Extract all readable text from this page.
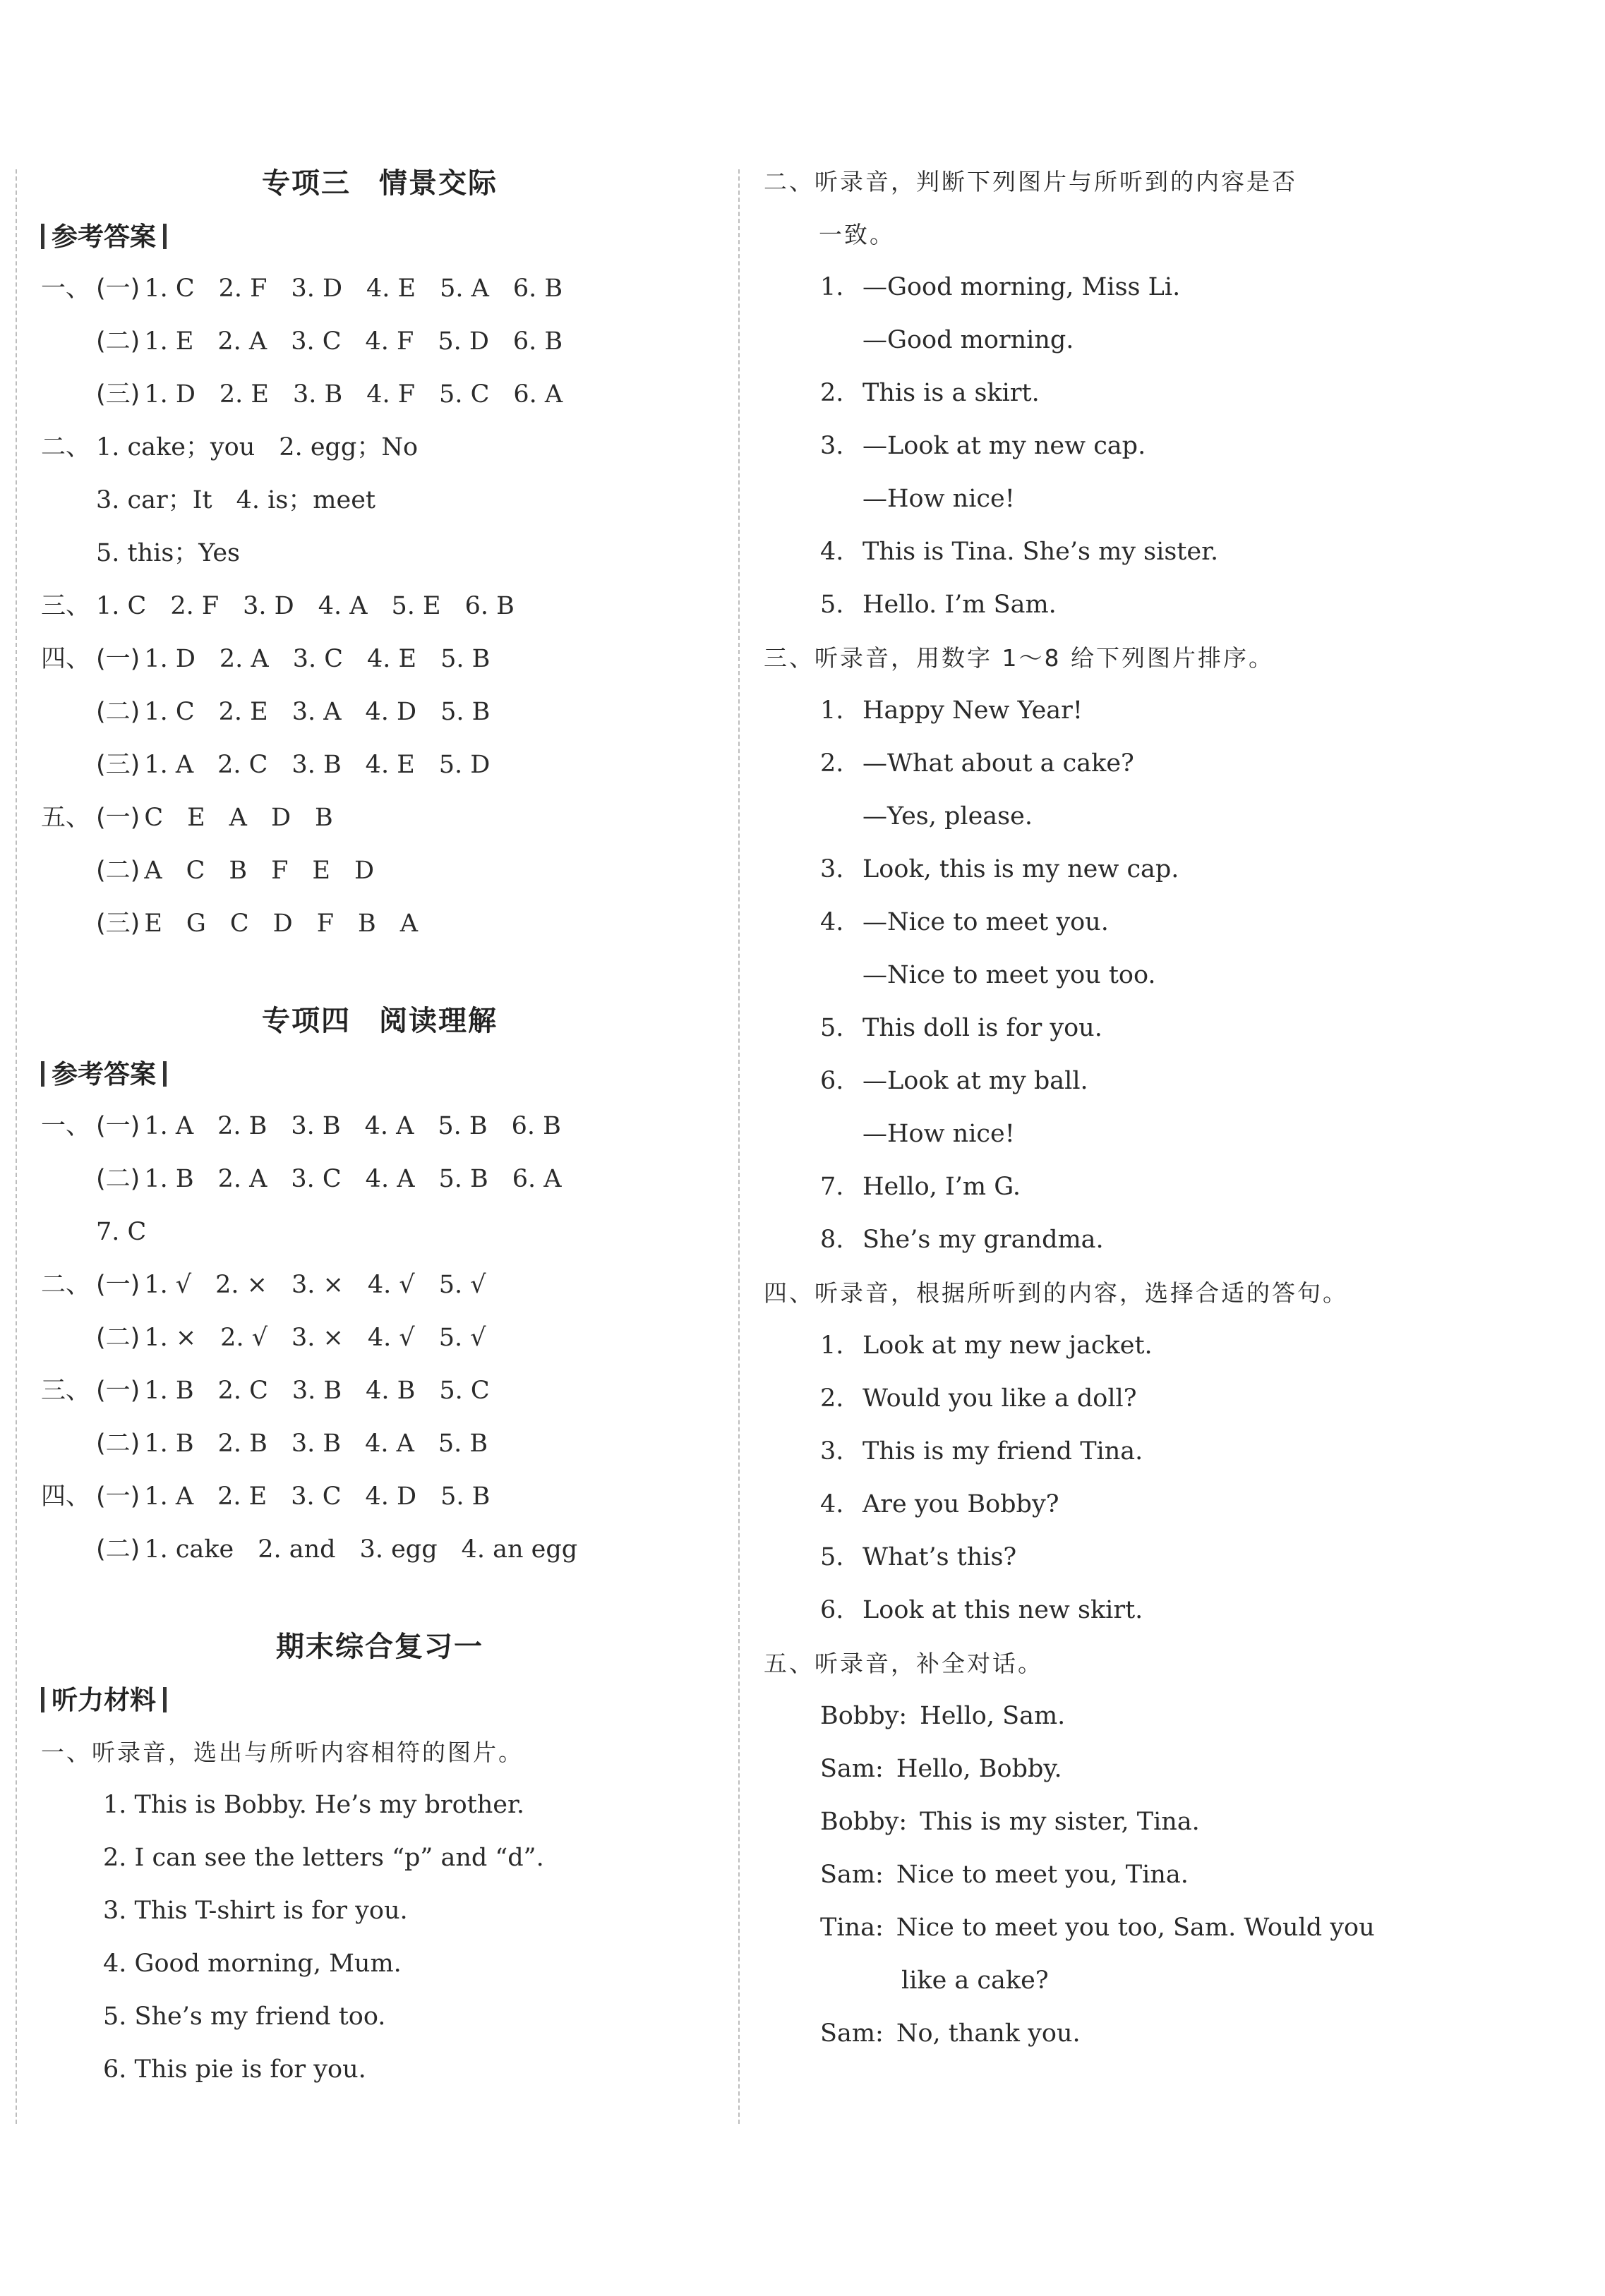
专项三 情景交际
参考答案
一、 (一) 1. C 2. F 3. D 4. E 5. A 6. B
(二) 1. E 2. A 3. C 4. F 5. D 6. B
(三) 1. D 2. E 3. B 4. F 5. C 6. A
二、 1. cake；you 2. egg；No
3. car；It 4. is；meet
5. this；Yes
三、 1. C 2. F 3. D 4. A 5. E 6. B
四、 (一) 1. D 2. A 3. C 4. E 5. B
(二) 1. C 2. E 3. A 4. D 5. B
(三) 1. A 2. C 3. B 4. E 5. D
五、 (一) C E A D B
(二) A C B F E D
(三) E G C D F B A
专项四 阅读理解
参考答案
一、 (一) 1. A 2. B 3. B 4. A 5. B 6. B
(二) 1. B 2. A 3. C 4. A 5. B 6. A
7. C
二、 (一) 1. √ 2. × 3. × 4. √ 5. √
(二) 1. × 2. √ 3. × 4. √ 5. √
三、 (一) 1. B 2. C 3. B 4. B 5. C
(二) 1. B 2. B 3. B 4. A 5. B
四、 (一) 1. A 2. E 3. C 4. D 5. B
(二) 1. cake 2. and 3. egg 4. an egg
期末综合复习一
听力材料
一、听录音，选出与所听内容相符的图片。
1. This is Bobby. He’s my brother.
2. I can see the letters “p” and “d”.
3. This T-shirt is for you.
4. Good morning, Mum.
5. She’s my friend too.
6. This pie is for you.
二、听录音，判断下列图片与所听到的内容是否
一致。
1. —Good morning, Miss Li.
—Good morning.
2. This is a skirt.
3. —Look at my new cap.
—How nice!
4. This is Tina. She’s my sister.
5. Hello. I’m Sam.
三、听录音，用数字 1～8 给下列图片排序。
1. Happy New Year!
2. —What about a cake?
—Yes, please.
3. Look, this is my new cap.
4. —Nice to meet you.
—Nice to meet you too.
5. This doll is for you.
6. —Look at my ball.
—How nice!
7. Hello, I’m G.
8. She’s my grandma.
四、听录音，根据所听到的内容，选择合适的答句。
1. Look at my new jacket.
2. Would you like a doll?
3. This is my friend Tina.
4. Are you Bobby?
5. What’s this?
6. Look at this new skirt.
五、听录音，补全对话。
Bobby: Hello, Sam.
Sam: Hello, Bobby.
Bobby: This is my sister, Tina.
Sam: Nice to meet you, Tina.
Tina: Nice to meet you too, Sam. Would you
like a cake?
Sam: No, thank you.
